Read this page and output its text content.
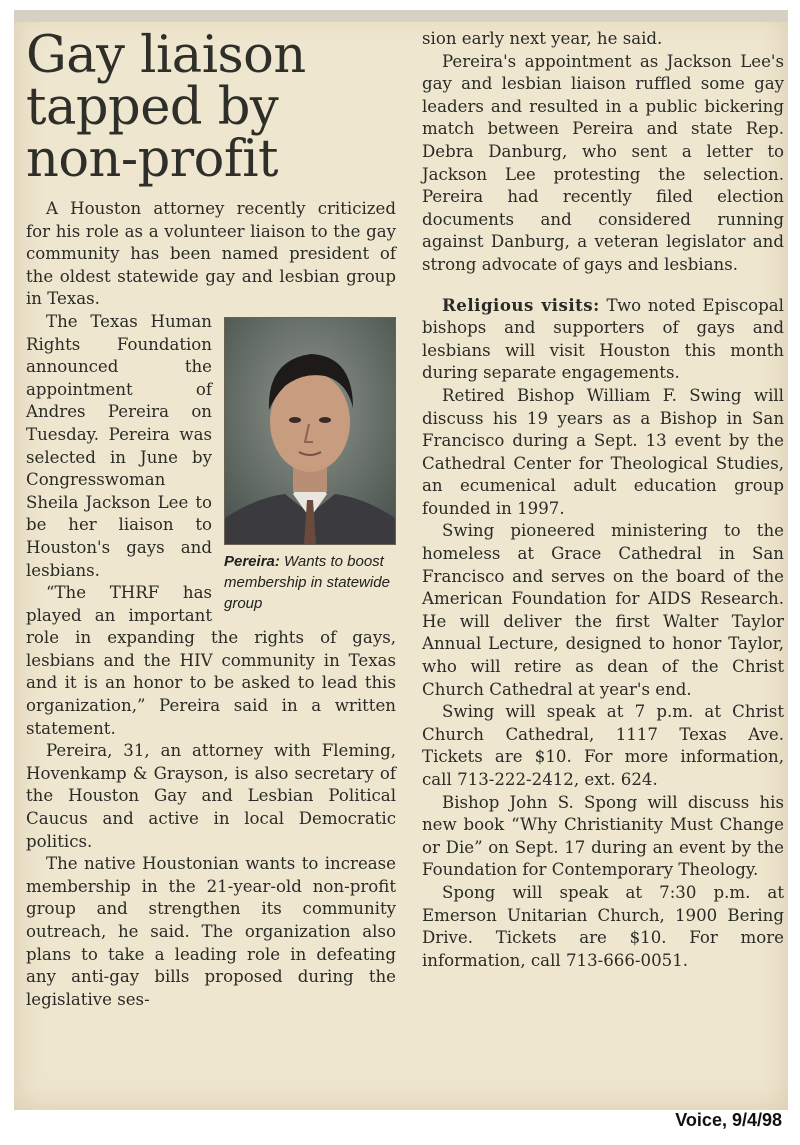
Gay liaison tapped by non-profit

A Houston attorney recently criticized for his role as a volunteer liaison to the gay community has been named president of the oldest statewide gay and lesbian group in Texas.

Pereira: Wants to boost membership in statewide group

The Texas Human Rights Foundation announced the appointment of Andres Pereira on Tuesday. Pereira was selected in June by Congresswoman Sheila Jackson Lee to be her liaison to Houston's gays and lesbians.

“The THRF has played an important role in expanding the rights of gays, lesbians and the HIV community in Texas and it is an honor to be asked to lead this organization,” Pereira said in a written statement.

Pereira, 31, an attorney with Fleming, Hovenkamp & Grayson, is also secretary of the Houston Gay and Lesbian Political Caucus and active in local Democratic politics.

The native Houstonian wants to increase membership in the 21-year-old non-profit group and strengthen its community outreach, he said. The organization also plans to take a leading role in defeating any anti-gay bills proposed during the legislative ses-

sion early next year, he said.

Pereira's appointment as Jackson Lee's gay and lesbian liaison ruffled some gay leaders and resulted in a public bickering match between Pereira and state Rep. Debra Danburg, who sent a letter to Jackson Lee protesting the selection. Pereira had recently filed election documents and considered running against Danburg, a veteran legislator and strong advocate of gays and lesbians.

Religious visits: Two noted Episcopal bishops and supporters of gays and lesbians will visit Houston this month during separate engagements.

Retired Bishop William F. Swing will discuss his 19 years as a Bishop in San Francisco during a Sept. 13 event by the Cathedral Center for Theological Studies, an ecumenical adult education group founded in 1997.

Swing pioneered ministering to the homeless at Grace Cathedral in San Francisco and serves on the board of the American Foundation for AIDS Research. He will deliver the first Walter Taylor Annual Lecture, designed to honor Taylor, who will retire as dean of the Christ Church Cathedral at year's end.

Swing will speak at 7 p.m. at Christ Church Cathedral, 1117 Texas Ave. Tickets are $10. For more information, call 713-222-2412, ext. 624.

Bishop John S. Spong will discuss his new book “Why Christianity Must Change or Die” on Sept. 17 during an event by the Foundation for Contemporary Theology.

Spong will speak at 7:30 p.m. at Emerson Unitarian Church, 1900 Bering Drive. Tickets are $10. For more information, call 713-666-0051.

Voice, 9/4/98
